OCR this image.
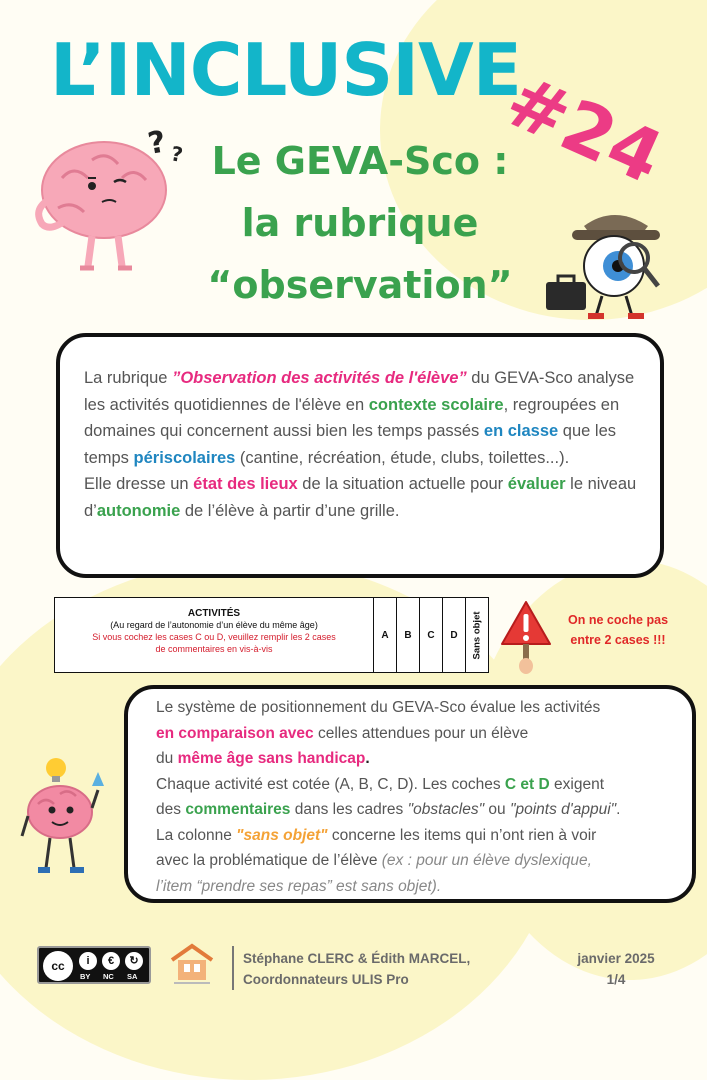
L’INCLUSIVE
#24
Le GEVA-Sco :
la rubrique
“observation”
? ?
La rubrique ”Observation des activités de l'élève” du GEVA-Sco analyse les activités quotidiennes de l'élève en contexte scolaire, regroupées en domaines qui concernent aussi bien les temps passés en classe que les temps périscolaires (cantine, récréation, étude, clubs, toilettes...).
Elle dresse un état des lieux de la situation actuelle pour évaluer le niveau d’autonomie de l’élève à partir d’une grille.
ACTIVITÉS
(Au regard de l’autonomie d’un élève du même âge)
Si vous cochez les cases C ou D, veuillez remplir les 2 cases
de commentaires en vis-à-vis
A	B	C	D	Sans objet	On ne coche pas
entre 2 cases !!!
Le système de positionnement du GEVA-Sco évalue les activités
en comparaison avec celles attendues pour un élève
du même âge sans handicap.
Chaque activité est cotée (A, B, C, D). Les coches C et D exigent
des commentaires dans les cadres "obstacles" ou "points d'appui".
La colonne "sans objet" concerne les items qui n’ont rien à voir
avec la problématique de l’élève (ex : pour un élève dyslexique,
l’item “prendre ses repas” est sans objet).
cc	i	€	↻
BY NC SA
Stéphane CLERC & Édith MARCEL,
Coordonnateurs ULIS Pro
janvier 2025
1/4
